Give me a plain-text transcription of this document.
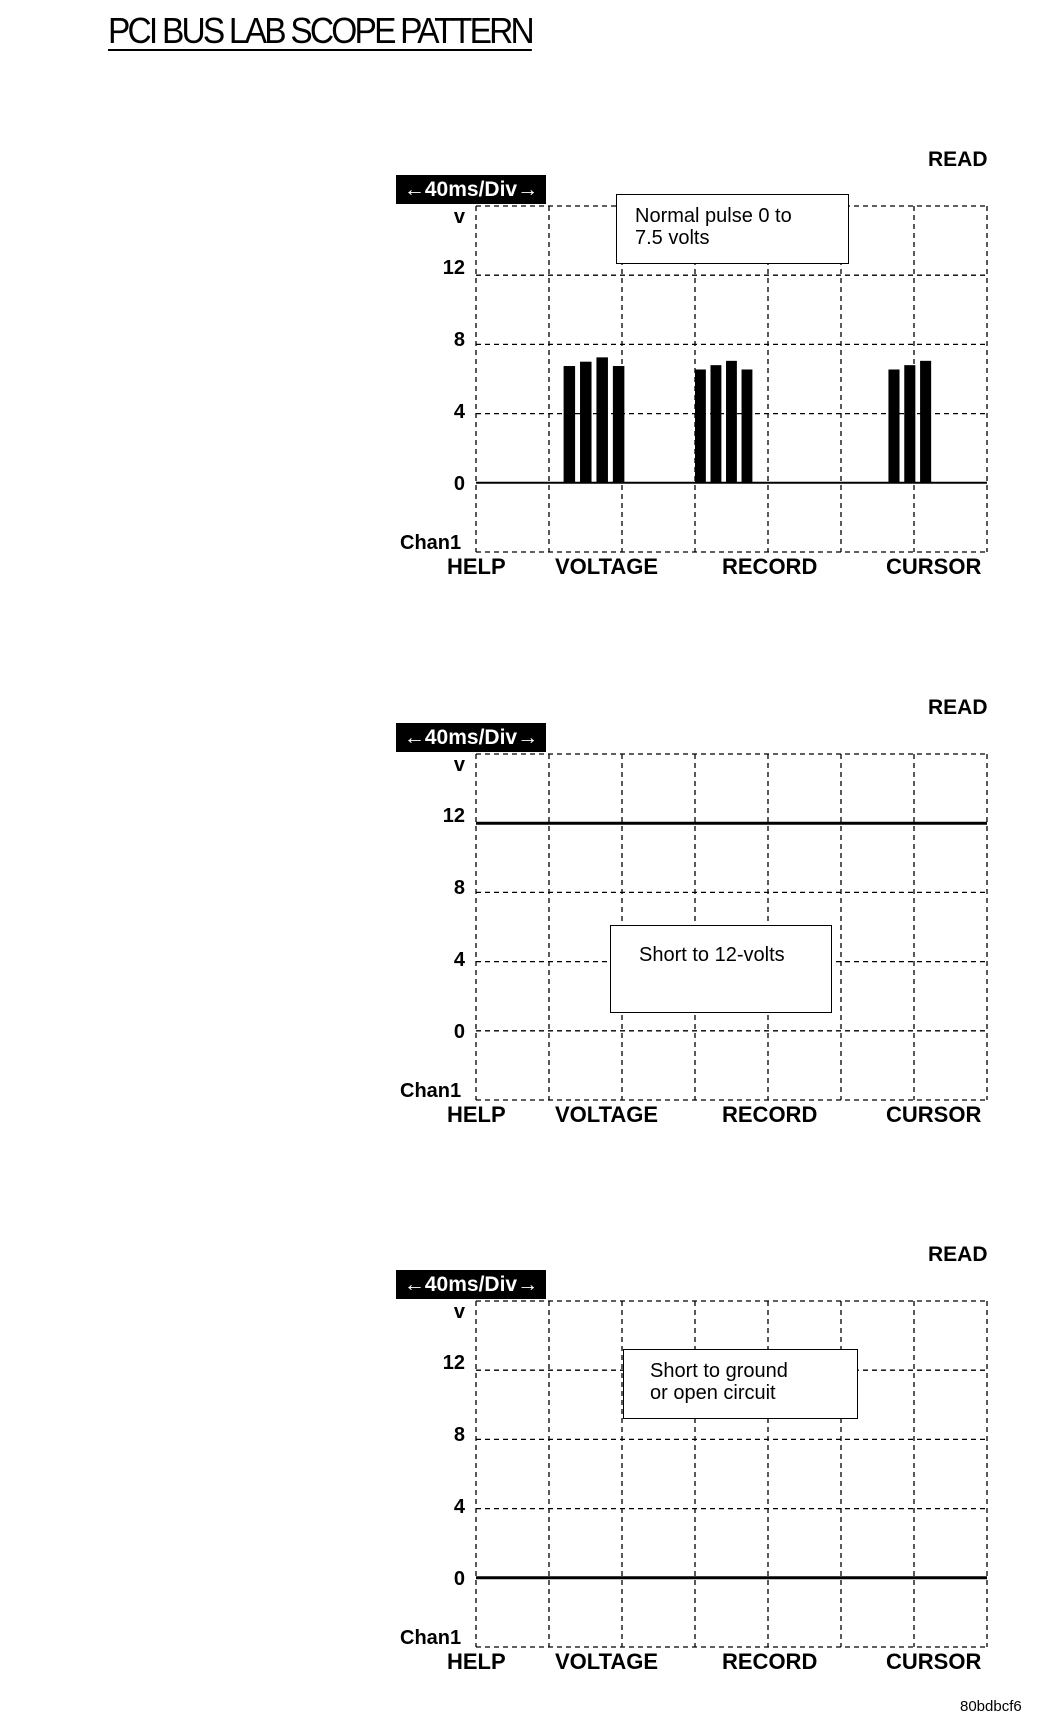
PCI BUS LAB SCOPE PATTERN
READ
←40ms/Div→
v
12
8
4
0
Chan1
Normal pulse 0 to
7.5 volts
HELP VOLTAGE	RECORD	CURSOR
READ
←40ms/Div→
v
12
8
4
0
Chan1
Short to 12-volts
HELP VOLTAGE	RECORD	CURSOR
READ
←40ms/Div→
v
12
8
4
0
Chan1
Short to ground
or open circuit
HELP VOLTAGE	RECORD	CURSOR
80bdbcf6
